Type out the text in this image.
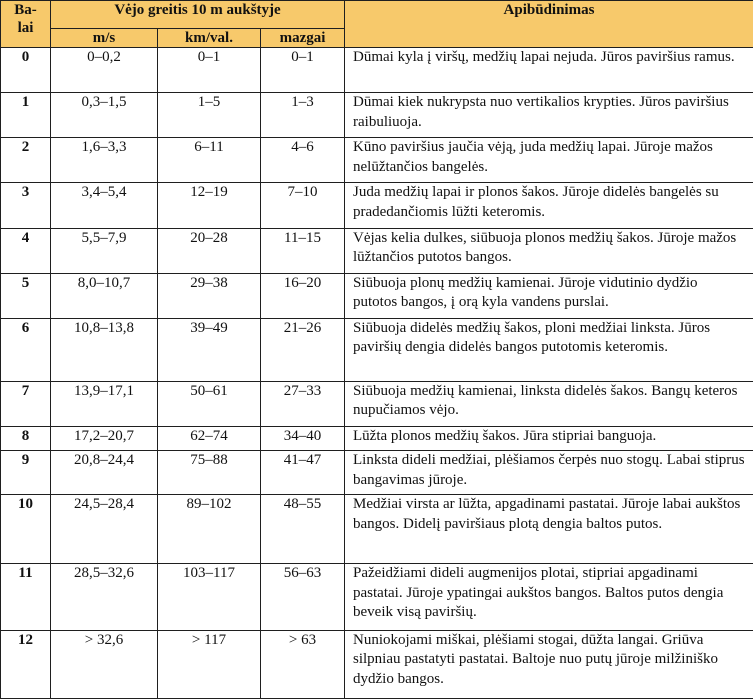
Ba-
lai	Vėjo greitis 10 m aukštyje			Apibūdinimas
	m/s	km/val.	mazgai	
0	0–0,2	0–1	0–1	Dūmai kyla į viršų, medžių lapai nejuda. Jūros paviršius ramus.
1	0,3–1,5	1–5	1–3	Dūmai kiek nukrypsta nuo vertikalios krypties. Jūros paviršius raibuliuoja.
2	1,6–3,3	6–11	4–6	Kūno paviršius jaučia vėją, juda medžių lapai. Jūroje mažos nelūžtančios bangelės.
3	3,4–5,4	12–19	7–10	Juda medžių lapai ir plonos šakos. Jūroje didelės bangelės su pradedančiomis lūžti keteromis.
4	5,5–7,9	20–28	11–15	Vėjas kelia dulkes, siūbuoja plonos medžių šakos. Jūroje mažos lūžtančios putotos bangos.
5	8,0–10,7	29–38	16–20	Siūbuoja plonų medžių kamienai. Jūroje vidutinio dydžio putotos bangos, į orą kyla vandens purslai.
6	10,8–13,8	39–49	21–26	Siūbuoja didelės medžių šakos, ploni medžiai linksta. Jūros paviršių dengia didelės bangos putotomis keteromis.
7	13,9–17,1	50–61	27–33	Siūbuoja medžių kamienai, linksta didelės šakos. Bangų keteros nupučiamos vėjo.
8	17,2–20,7	62–74	34–40	Lūžta plonos medžių šakos. Jūra stipriai banguoja.
9	20,8–24,4	75–88	41–47	Linksta dideli medžiai, plėšiamos čerpės nuo stogų. Labai stiprus bangavimas jūroje.
10	24,5–28,4	89–102	48–55	Medžiai virsta ar lūžta, apgadinami pastatai. Jūroje labai aukštos bangos. Didelį paviršiaus plotą dengia baltos putos.
11	28,5–32,6	103–117	56–63	Pažeidžiami dideli augmenijos plotai, stipriai apgadinami pastatai. Jūroje ypatingai aukštos bangos. Baltos putos dengia beveik visą paviršių.
12	> 32,6	> 117	> 63	Nuniokojami miškai, plėšiami stogai, dūžta langai. Griūva silpniau pastatyti pastatai. Baltoje nuo putų jūroje milžiniško dydžio bangos.
